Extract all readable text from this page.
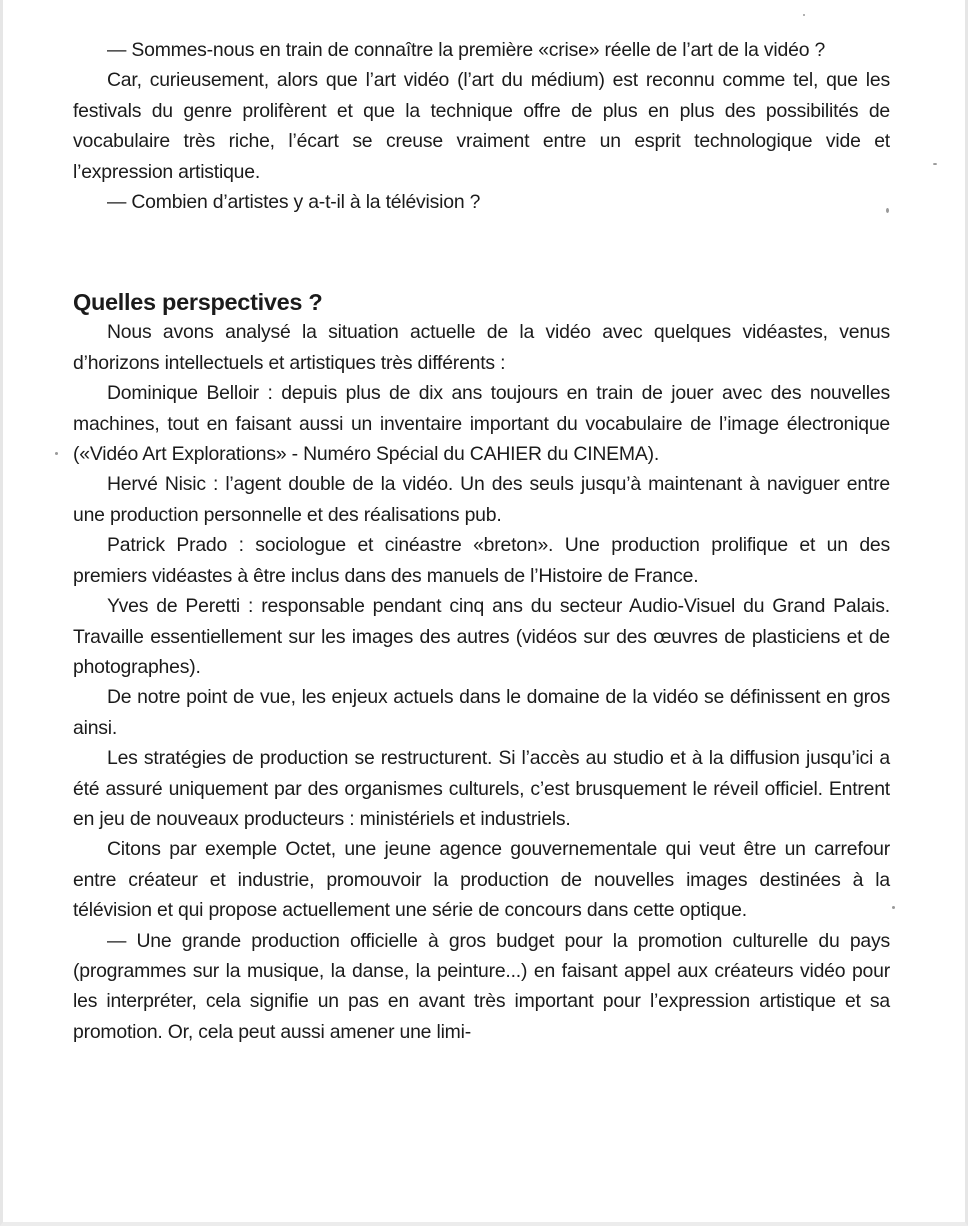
— Sommes-nous en train de connaître la première «crise» réelle de l’art de la vidéo ?

Car, curieusement, alors que l’art vidéo (l’art du médium) est reconnu comme tel, que les festivals du genre prolifèrent et que la technique offre de plus en plus des possibilités de vocabulaire très riche, l’écart se creuse vraiment entre un esprit technologique vide et l’expression artistique.

— Combien d’artistes y a-t-il à la télévision ?

Quelles perspectives ?

Nous avons analysé la situation actuelle de la vidéo avec quelques vidéastes, venus d’horizons intellectuels et artistiques très différents :

Dominique Belloir : depuis plus de dix ans toujours en train de jouer avec des nouvelles machines, tout en faisant aussi un inventaire important du vocabulaire de l’image électronique («Vidéo Art Explorations» - Numéro Spécial du CAHIER du CINEMA).

Hervé Nisic : l’agent double de la vidéo. Un des seuls jusqu’à maintenant à naviguer entre une production personnelle et des réalisations pub.

Patrick Prado : sociologue et cinéastre «breton». Une production prolifique et un des premiers vidéastes à être inclus dans des manuels de l’Histoire de France.

Yves de Peretti : responsable pendant cinq ans du secteur Audio-Visuel du Grand Palais. Travaille essentiellement sur les images des autres (vidéos sur des œuvres de plasticiens et de photographes).

De notre point de vue, les enjeux actuels dans le domaine de la vidéo se définissent en gros ainsi.

Les stratégies de production se restructurent. Si l’accès au studio et à la diffusion jusqu’ici a été assuré uniquement par des organismes culturels, c’est brusquement le réveil officiel. Entrent en jeu de nouveaux producteurs : ministériels et industriels.

Citons par exemple Octet, une jeune agence gouvernementale qui veut être un carrefour entre créateur et industrie, promouvoir la production de nouvelles images destinées à la télévision et qui propose actuellement une série de concours dans cette optique.

— Une grande production officielle à gros budget pour la promotion culturelle du pays (programmes sur la musique, la danse, la peinture...) en faisant appel aux créateurs vidéo pour les interpréter, cela signifie un pas en avant très important pour l’expression artistique et sa promotion. Or, cela peut aussi amener une limi-
